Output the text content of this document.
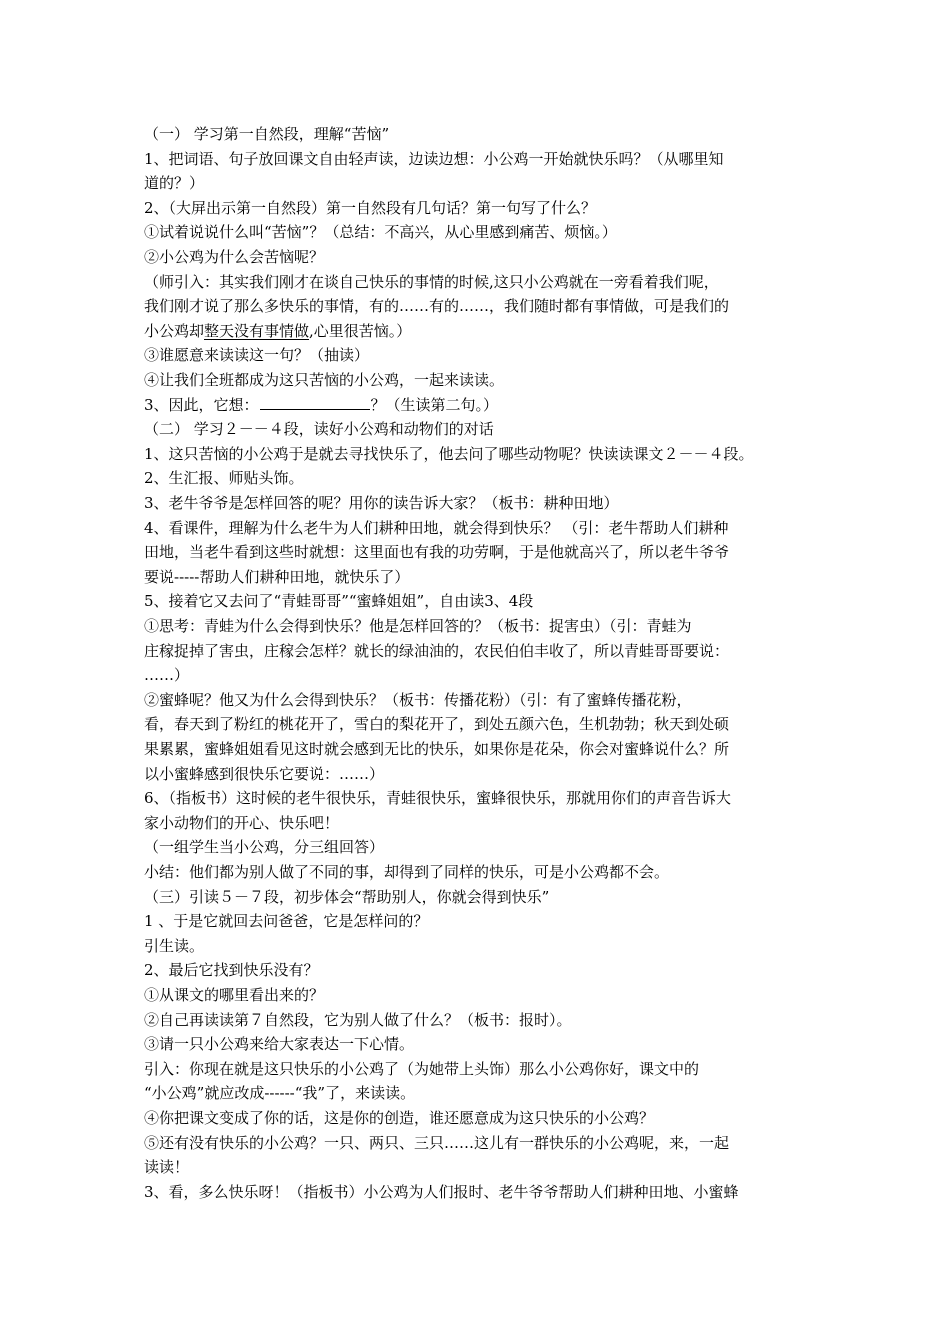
（一） 学习第一自然段，理解“苦恼”
1、把词语、句子放回课文自由轻声读，边读边想：小公鸡一开始就快乐吗？（从哪里知
道的？）
2、（大屏出示第一自然段）第一自然段有几句话？第一句写了什么？
①试着说说什么叫“苦恼”？（总结：不高兴，从心里感到痛苦、烦恼。）
②小公鸡为什么会苦恼呢？
（师引入：其实我们刚才在谈自己快乐的事情的时候,这只小公鸡就在一旁看着我们呢，
我们刚才说了那么多快乐的事情，有的……有的……，我们随时都有事情做，可是我们的
小公鸡却整天没有事情做,心里很苦恼。）
③谁愿意来读读这一句？（抽读）
④让我们全班都成为这只苦恼的小公鸡，一起来读读。
3、因此，它想：	？（生读第二句。）
（二） 学习２－－４段，读好小公鸡和动物们的对话
1、这只苦恼的小公鸡于是就去寻找快乐了，他去问了哪些动物呢？快读读课文２－－４段。
2、生汇报、师贴头饰。
3、老牛爷爷是怎样回答的呢？用你的读告诉大家？（板书：耕种田地）
4、看课件，理解为什么老牛为人们耕种田地，就会得到快乐？ （引：老牛帮助人们耕种
田地，当老牛看到这些时就想：这里面也有我的功劳啊，于是他就高兴了，所以老牛爷爷
要说-----帮助人们耕种田地，就快乐了）
5、接着它又去问了“青蛙哥哥”“蜜蜂姐姐”，自由读3、4段
①思考：青蛙为什么会得到快乐？他是怎样回答的？（板书：捉害虫）（引：青蛙为
庄稼捉掉了害虫，庄稼会怎样？就长的绿油油的，农民伯伯丰收了，所以青蛙哥哥要说：
……）
②蜜蜂呢？他又为什么会得到快乐？（板书：传播花粉）（引：有了蜜蜂传播花粉，
看，春天到了粉红的桃花开了，雪白的梨花开了，到处五颜六色，生机勃勃；秋天到处硕
果累累，蜜蜂姐姐看见这时就会感到无比的快乐，如果你是花朵，你会对蜜蜂说什么？所
以小蜜蜂感到很快乐它要说：……）
6、（指板书）这时候的老牛很快乐，青蛙很快乐，蜜蜂很快乐，那就用你们的声音告诉大
家小动物们的开心、快乐吧！
（一组学生当小公鸡，分三组回答）
小结：他们都为别人做了不同的事，却得到了同样的快乐，可是小公鸡都不会。
（三）引读５－７段，初步体会“帮助别人，你就会得到快乐”
1 、于是它就回去问爸爸，它是怎样问的？
引生读。
2、最后它找到快乐没有？
①从课文的哪里看出来的？
②自己再读读第７自然段，它为别人做了什么？（板书：报时）。
③请一只小公鸡来给大家表达一下心情。
引入：你现在就是这只快乐的小公鸡了（为她带上头饰）那么小公鸡你好，课文中的
“小公鸡”就应改成------“我”了，来读读。
④你把课文变成了你的话，这是你的创造，谁还愿意成为这只快乐的小公鸡？
⑤还有没有快乐的小公鸡？一只、两只、三只……这儿有一群快乐的小公鸡呢，来，一起
读读！
3、看，多么快乐呀！（指板书）小公鸡为人们报时、老牛爷爷帮助人们耕种田地、小蜜蜂
